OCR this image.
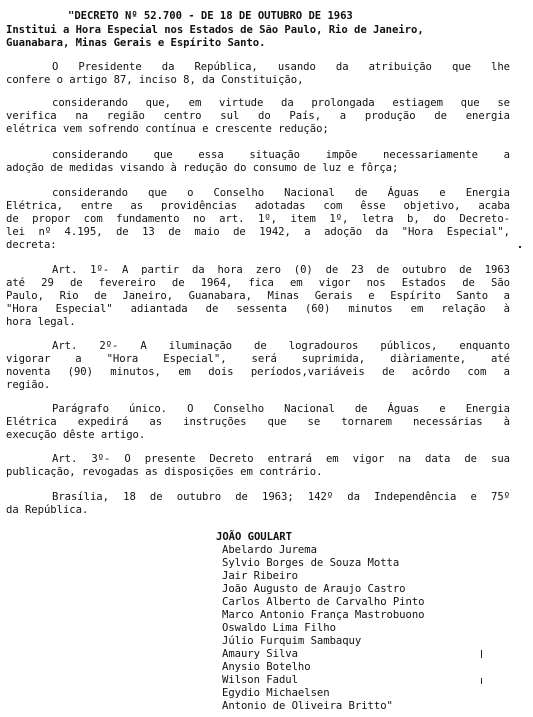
"DECRETO Nº 52.700 - DE 18 DE OUTUBRO DE 1963
Institui a Hora Especial nos Estados de São Paulo, Rio de Janeiro,
Guanabara, Minas Gerais e Espírito Santo.
O Presidente da República, usando da atribuição que lhe
confere o artigo 87, inciso 8, da Constituição,
considerando que, em virtude da prolongada estiagem que se
verifica na região centro sul do País, a produção de energia
elétrica vem sofrendo contínua e crescente redução;
considerando que essa situação impõe necessariamente a
adoção de medidas visando à redução do consumo de luz e fôrça;
considerando que o Conselho Nacional de Águas e Energia
Elétrica, entre as providências adotadas com êsse objetivo, acaba
de propor com fundamento no art. 1º, item 1º, letra b, do Decreto-
lei nº 4.195, de 13 de maio de 1942, a adoção da "Hora Especial",
decreta:
Art. 1º- A partir da hora zero (0) de 23 de outubro de 1963
até 29 de fevereiro de 1964, fica em vigor nos Estados de São
Paulo, Rio de Janeiro, Guanabara, Minas Gerais e Espírito Santo a
"Hora Especial" adiantada de sessenta (60) minutos em relação à
hora legal.
Art. 2º- A iluminação de logradouros públicos, enquanto
vigorar a "Hora Especial", será suprimida, diàriamente, até
noventa (90) minutos, em dois períodos,variáveis de acôrdo com a
região.
Parágrafo único. O Conselho Nacional de Águas e Energia
Elétrica expedirá as instruções que se tornarem necessárias à
execução dêste artigo.
Art. 3º- O presente Decreto entrará em vigor na data de sua
publicação, revogadas as disposições em contrário.
Brasília, 18 de outubro de 1963; 142º da Independência e 75º
da República.
JOÃO GOULART
Abelardo Jurema
Sylvio Borges de Souza Motta
Jair Ribeiro
João Augusto de Araujo Castro
Carlos Alberto de Carvalho Pinto
Marco Antonio França Mastrobuono
Oswaldo Lima Filho
Júlio Furquim Sambaquy
Amaury Silva
Anysio Botelho
Wilson Fadul
Egydio Michaelsen
Antonio de Oliveira Britto"
